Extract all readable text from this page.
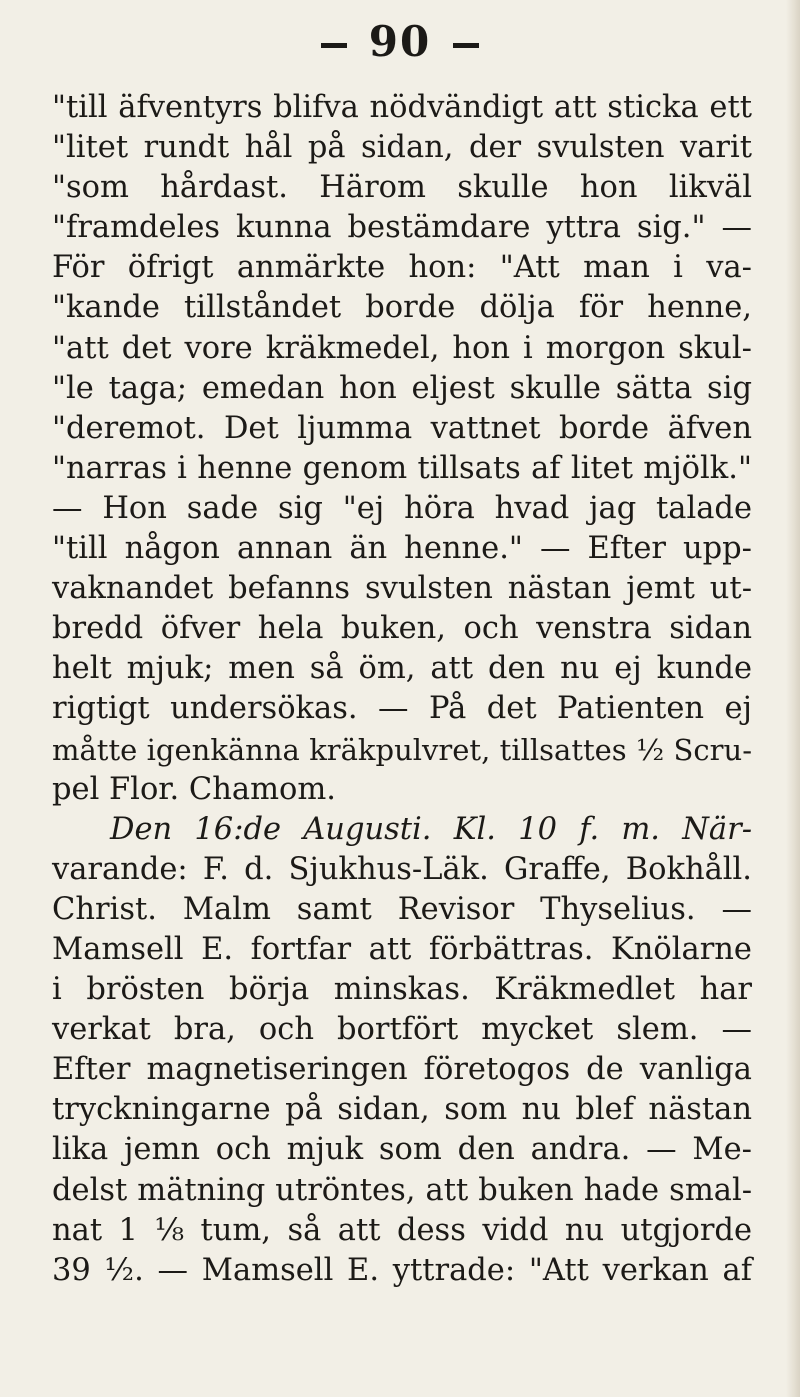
90
"till äfventyrs blifva nödvändigt att sticka ett
"litet rundt hål på sidan, der svulsten varit
"som hårdast. Härom skulle hon likväl
"framdeles kunna bestämdare yttra sig." —
För öfrigt anmärkte hon: "Att man i va-
"kande tillståndet borde dölja för henne,
"att det vore kräkmedel, hon i morgon skul-
"le taga; emedan hon eljest skulle sätta sig
"deremot. Det ljumma vattnet borde äfven
"narras i henne genom tillsats af litet mjölk."
— Hon sade sig "ej höra hvad jag talade
"till någon annan än henne." — Efter upp-
vaknandet befanns svulsten nästan jemt ut-
bredd öfver hela buken, och venstra sidan
helt mjuk; men så öm, att den nu ej kunde
rigtigt undersökas. — På det Patienten ej
måtte igenkänna kräkpulvret, tillsattes ½ Scru-
pel Flor. Chamom.
Den 16:de Augusti. Kl. 10 f. m. När-
varande: F. d. Sjukhus-Läk. Graffe, Bokhåll.
Christ. Malm samt Revisor Thyselius. —
Mamsell E. fortfar att förbättras. Knölarne
i brösten börja minskas. Kräkmedlet har
verkat bra, och bortfört mycket slem. —
Efter magnetiseringen företogos de vanliga
tryckningarne på sidan, som nu blef nästan
lika jemn och mjuk som den andra. — Me-
delst mätning utröntes, att buken hade smal-
nat 1 ⅛ tum, så att dess vidd nu utgjorde
39 ½. — Mamsell E. yttrade: "Att verkan af
